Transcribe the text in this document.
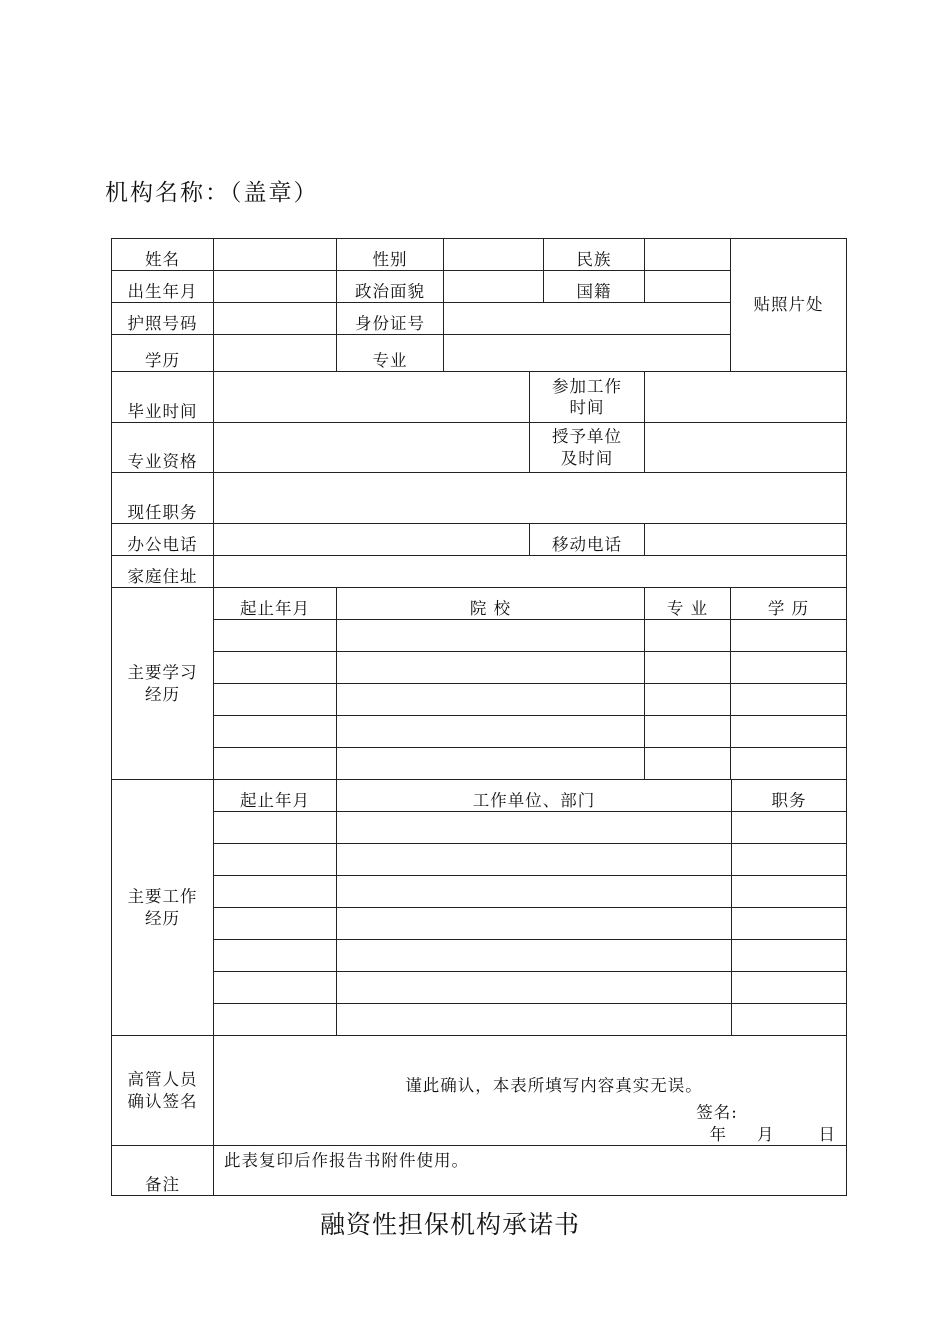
机构名称：（盖章）
姓名		性别			民族		贴照片处
出生年月		政治面貌			国籍		
护照号码		身份证号					
学历		专业					
毕业时间				参加工作
时间			
专业资格				授予单位
及时间			
现任职务							
办公电话				移动电话			
家庭住址							
主要学习
经历	起止年月	院 校				专 业	学 历

主要工作
经历	起止年月	工作单位、部门					职务

高管人员
确认签名	谨此确认，本表所填写内容真实无误。
签名:
年 月 日						

备注	此表复印后作报告书附件使用。						
融资性担保机构承诺书
